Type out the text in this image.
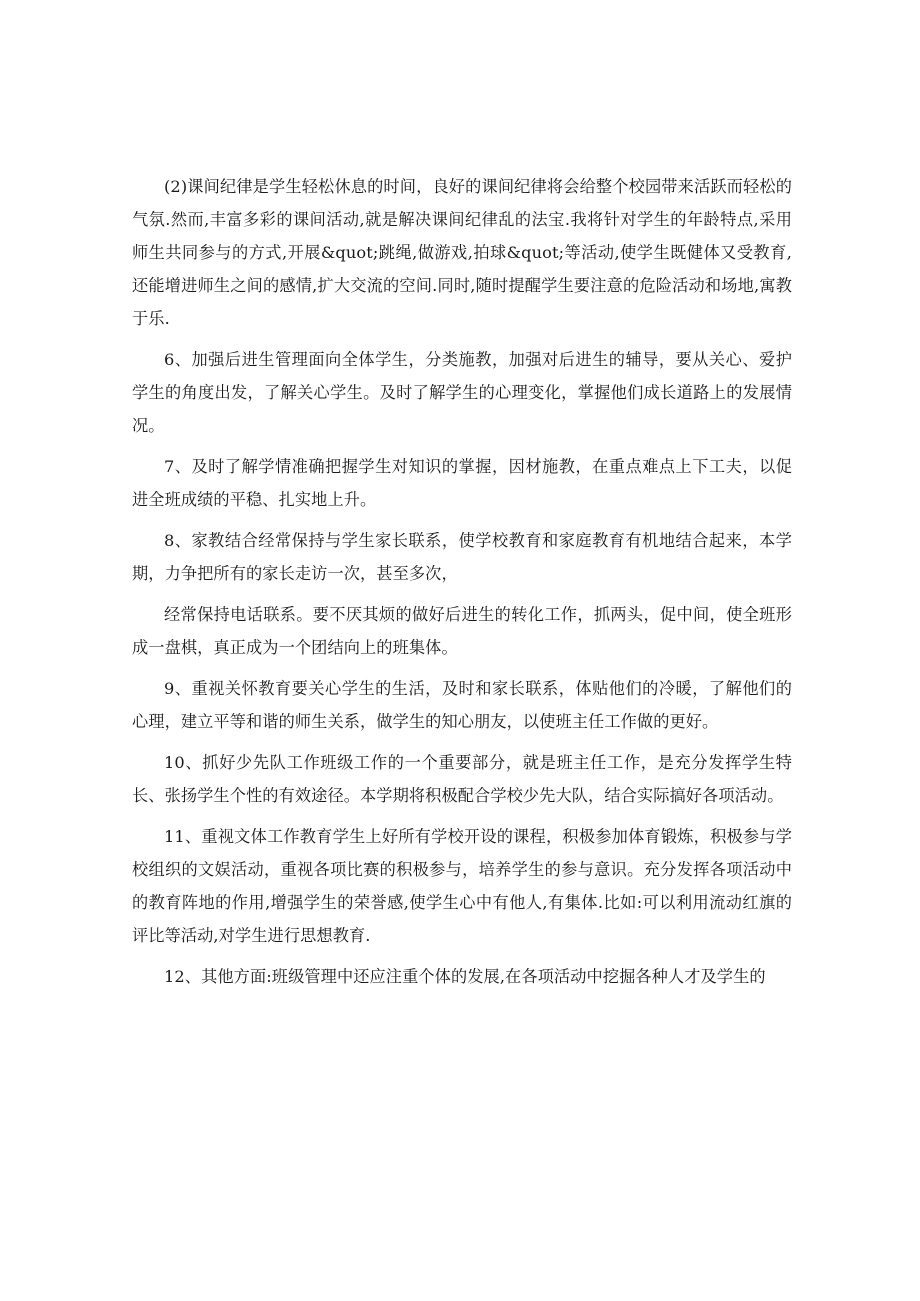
(2)课间纪律是学生轻松休息的时间，良好的课间纪律将会给整个校园带来活跃而轻松的气氛.然而,丰富多彩的课间活动,就是解决课间纪律乱的法宝.我将针对学生的年龄特点,采用师生共同参与的方式,开展&quot;跳绳,做游戏,拍球&quot;等活动,使学生既健体又受教育,还能增进师生之间的感情,扩大交流的空间.同时,随时提醒学生要注意的危险活动和场地,寓教于乐.

6、加强后进生管理面向全体学生，分类施教，加强对后进生的辅导，要从关心、爱护学生的角度出发，了解关心学生。及时了解学生的心理变化，掌握他们成长道路上的发展情况。

7、及时了解学情准确把握学生对知识的掌握，因材施教，在重点难点上下工夫，以促进全班成绩的平稳、扎实地上升。

8、家教结合经常保持与学生家长联系，使学校教育和家庭教育有机地结合起来，本学期，力争把所有的家长走访一次，甚至多次，

经常保持电话联系。要不厌其烦的做好后进生的转化工作，抓两头，促中间，使全班形成一盘棋，真正成为一个团结向上的班集体。

9、重视关怀教育要关心学生的生活，及时和家长联系，体贴他们的冷暖，了解他们的心理，建立平等和谐的师生关系，做学生的知心朋友，以使班主任工作做的更好。

10、抓好少先队工作班级工作的一个重要部分，就是班主任工作，是充分发挥学生特长、张扬学生个性的有效途径。本学期将积极配合学校少先大队，结合实际搞好各项活动。

11、重视文体工作教育学生上好所有学校开设的课程，积极参加体育锻炼，积极参与学校组织的文娱活动，重视各项比赛的积极参与，培养学生的参与意识。充分发挥各项活动中的教育阵地的作用,增强学生的荣誉感,使学生心中有他人,有集体.比如:可以利用流动红旗的评比等活动,对学生进行思想教育.

12、其他方面:班级管理中还应注重个体的发展,在各项活动中挖掘各种人才及学生的
